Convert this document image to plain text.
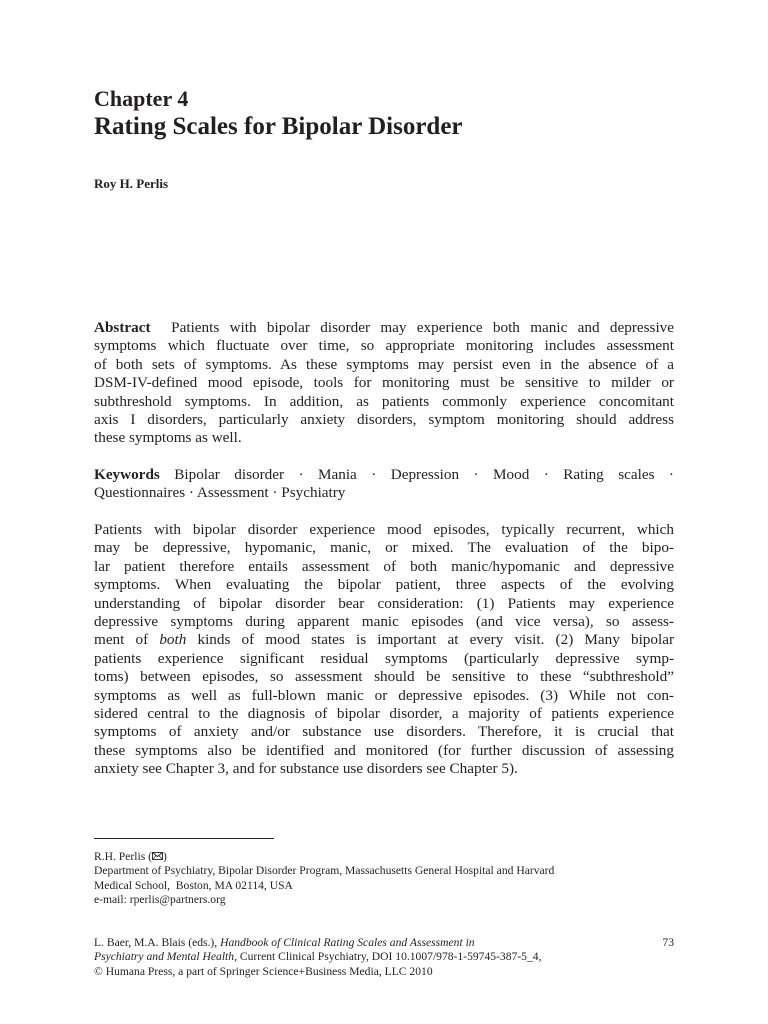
Chapter 4
Rating Scales for Bipolar Disorder
Roy H. Perlis
Abstract Patients with bipolar disorder may experience both manic and depressive
symptoms which fluctuate over time, so appropriate monitoring includes assessment
of both sets of symptoms. As these symptoms may persist even in the absence of a
DSM-IV-defined mood episode, tools for monitoring must be sensitive to milder or
subthreshold symptoms. In addition, as patients commonly experience concomitant
axis I disorders, particularly anxiety disorders, symptom monitoring should address
these symptoms as well.
Keywords Bipolar disorder · Mania · Depression · Mood · Rating scales ·
Questionnaires · Assessment · Psychiatry
Patients with bipolar disorder experience mood episodes, typically recurrent, which
may be depressive, hypomanic, manic, or mixed. The evaluation of the bipo-
lar patient therefore entails assessment of both manic/hypomanic and depressive
symptoms. When evaluating the bipolar patient, three aspects of the evolving
understanding of bipolar disorder bear consideration: (1) Patients may experience
depressive symptoms during apparent manic episodes (and vice versa), so assess-
ment of both kinds of mood states is important at every visit. (2) Many bipolar
patients experience significant residual symptoms (particularly depressive symp-
toms) between episodes, so assessment should be sensitive to these “subthreshold”
symptoms as well as full-blown manic or depressive episodes. (3) While not con-
sidered central to the diagnosis of bipolar disorder, a majority of patients experience
symptoms of anxiety and/or substance use disorders. Therefore, it is crucial that
these symptoms also be identified and monitored (for further discussion of assessing
anxiety see Chapter 3, and for substance use disorders see Chapter 5).
R.H. Perlis ( )
Department of Psychiatry, Bipolar Disorder Program, Massachusetts General Hospital and Harvard
Medical School,  Boston, MA 02114, USA
e-mail: rperlis@partners.org
L. Baer, M.A. Blais (eds.), Handbook of Clinical Rating Scales and Assessment in
Psychiatry and Mental Health, Current Clinical Psychiatry, DOI 10.1007/978-1-59745-387-5_4,
© Humana Press, a part of Springer Science+Business Media, LLC 2010
73
